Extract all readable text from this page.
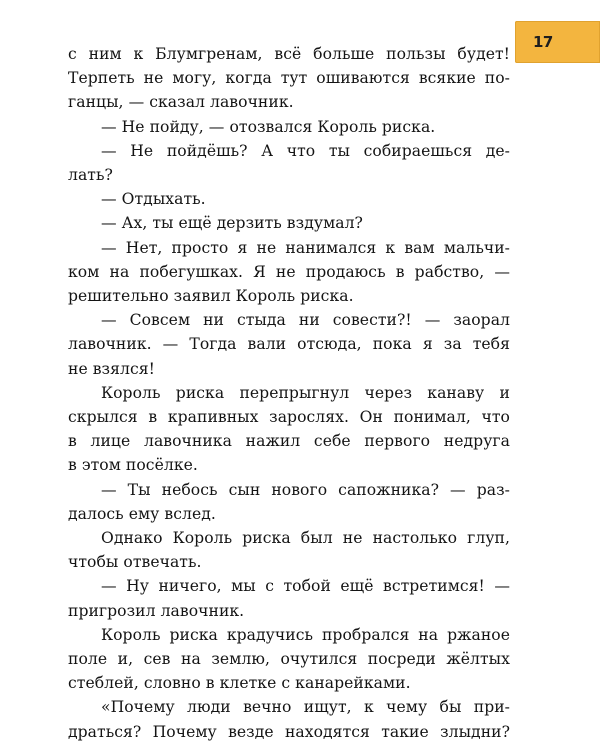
17
с ним к Блумгренам, всё больше пользы будет!
Терпеть не могу, когда тут ошиваются всякие по-
ганцы, — сказал лавочник.
— Не пойду, — отозвался Король риска.
— Не пойдёшь? А что ты собираешься де-
лать?
— Отдыхать.
— Ах, ты ещё дерзить вздумал?
— Нет, просто я не нанимался к вам мальчи-
ком на побегушках. Я не продаюсь в рабство, —
решительно заявил Король риска.
— Совсем ни стыда ни совести?! — заорал
лавочник. — Тогда вали отсюда, пока я за тебя
не взялся!
Король риска перепрыгнул через канаву и
скрылся в крапивных зарослях. Он понимал, что
в лице лавочника нажил себе первого недруга
в этом посёлке.
— Ты небось сын нового сапожника? — раз-
далось ему вслед.
Однако Король риска был не настолько глуп,
чтобы отвечать.
— Ну ничего, мы с тобой ещё встретимся! —
пригрозил лавочник.
Король риска крадучись пробрался на ржаное
поле и, сев на землю, очутился посреди жёлтых
стеблей, словно в клетке с канарейками.
«Почему люди вечно ищут, к чему бы при-
драться? Почему везде находятся такие злыдни?
